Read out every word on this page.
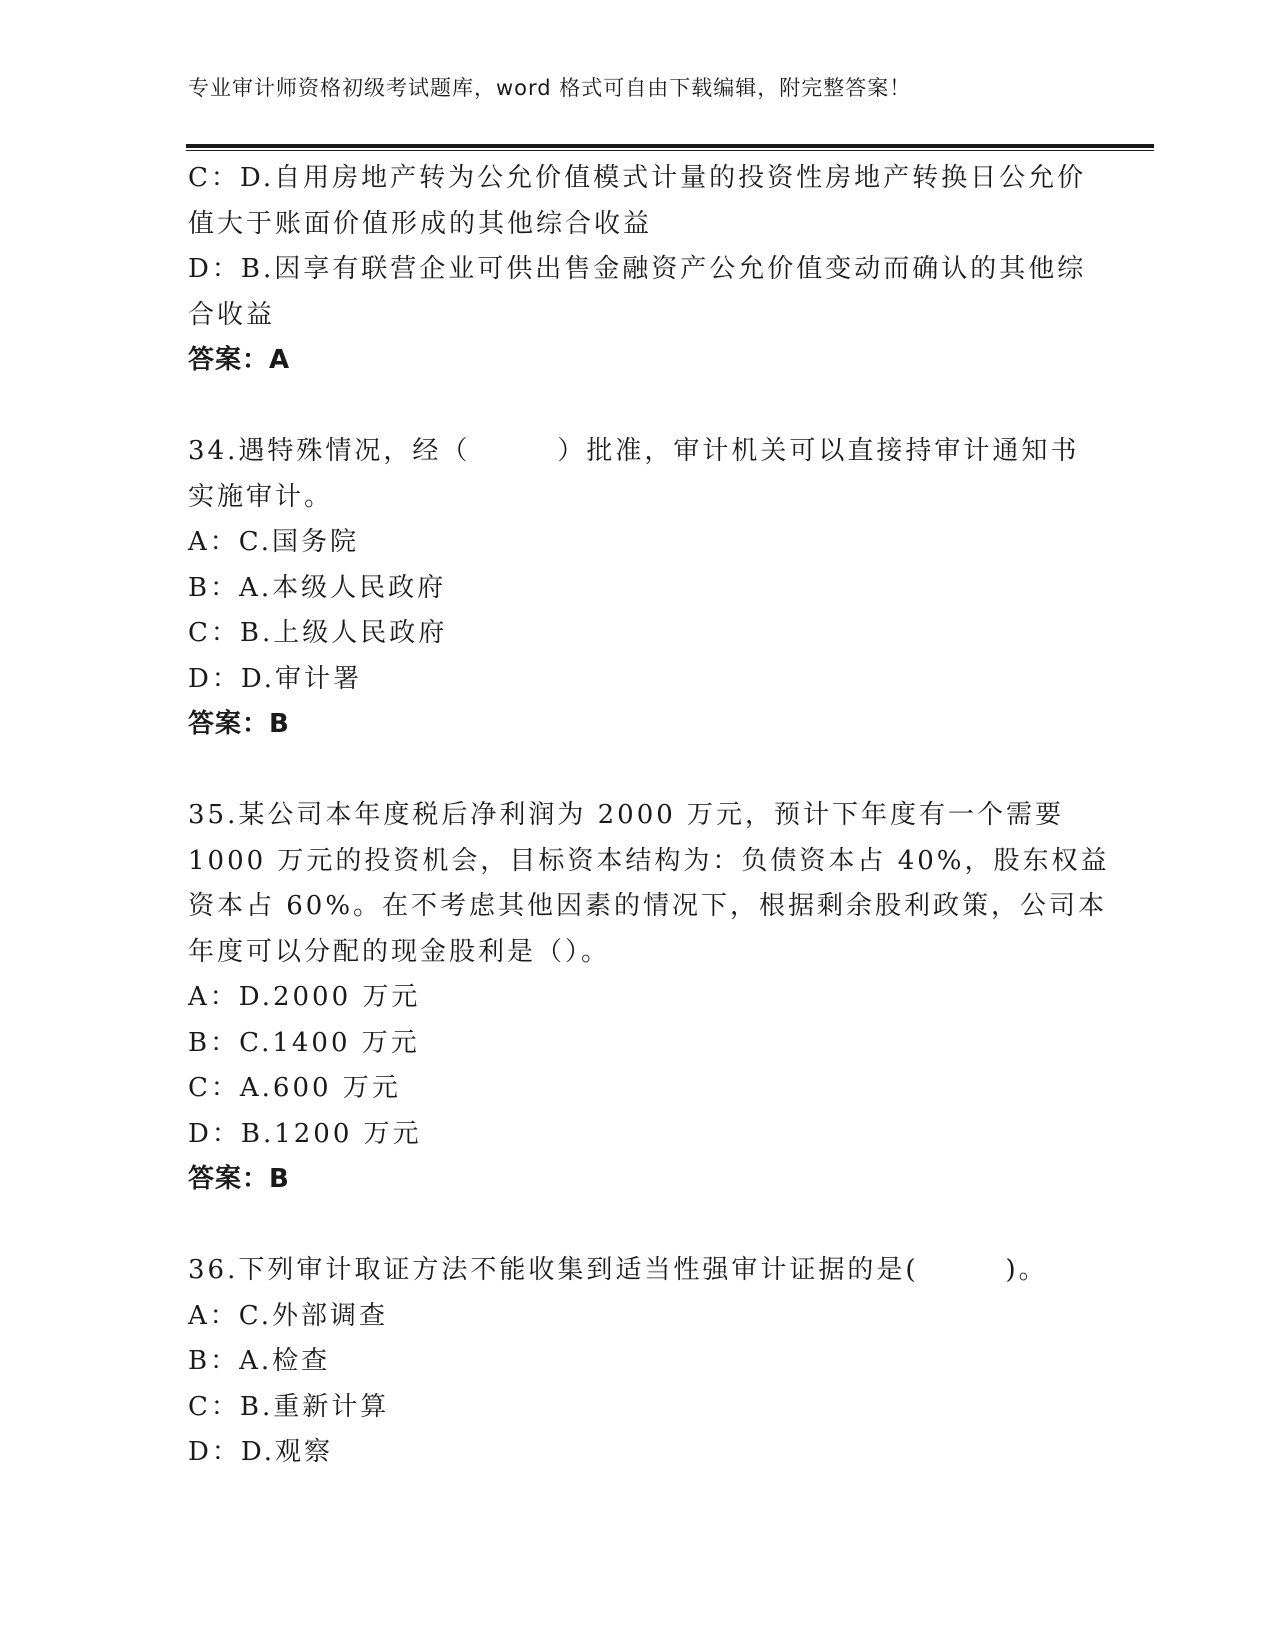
专业审计师资格初级考试题库，word 格式可自由下载编辑，附完整答案！
C：D.自用房地产转为公允价值模式计量的投资性房地产转换日公允价
值大于账面价值形成的其他综合收益
D：B.因享有联营企业可供出售金融资产公允价值变动而确认的其他综
合收益
答案：A
34.遇特殊情况，经（　　　）批准，审计机关可以直接持审计通知书
实施审计。
A：C.国务院
B：A.本级人民政府
C：B.上级人民政府
D：D.审计署
答案：B
35.某公司本年度税后净利润为 2000 万元，预计下年度有一个需要
1000 万元的投资机会，目标资本结构为：负债资本占 40%，股东权益
资本占 60%。在不考虑其他因素的情况下，根据剩余股利政策，公司本
年度可以分配的现金股利是（）。
A：D.2000 万元
B：C.1400 万元
C：A.600 万元
D：B.1200 万元
答案：B
36.下列审计取证方法不能收集到适当性强审计证据的是(　　　)。
A：C.外部调查
B：A.检查
C：B.重新计算
D：D.观察
